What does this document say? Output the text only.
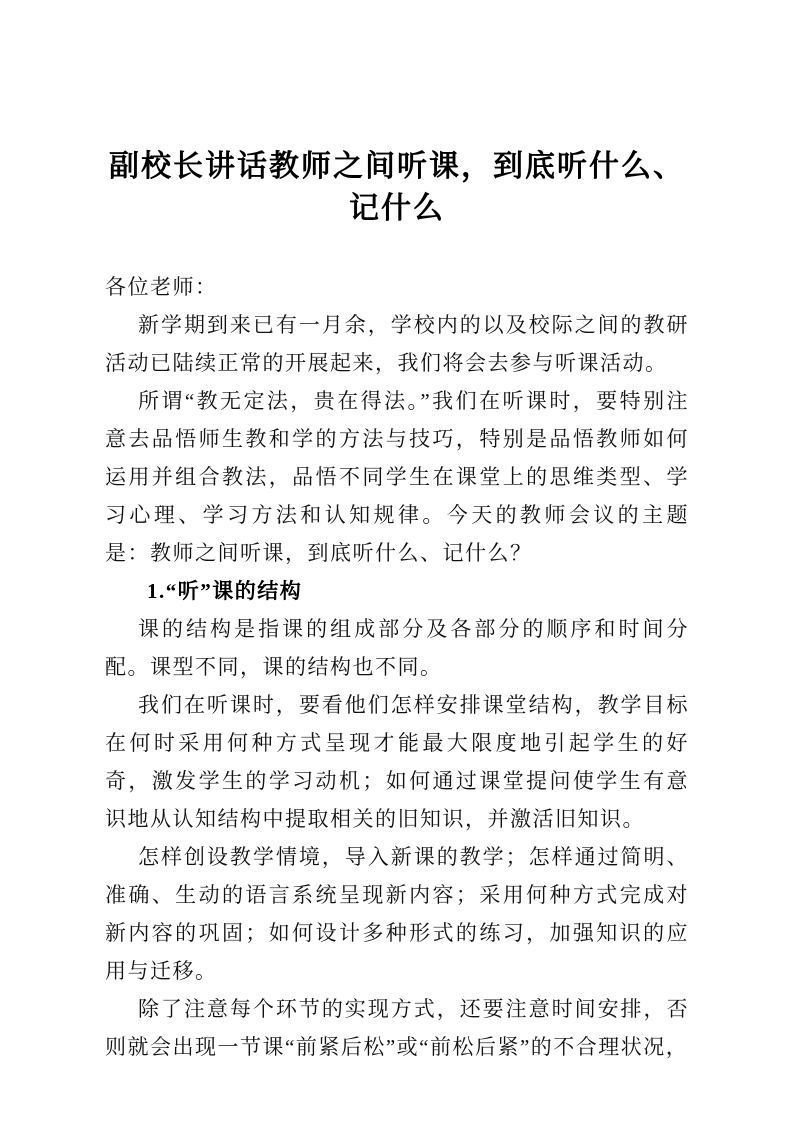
副校长讲话教师之间听课，到底听什么、记什么
各位老师：

新学期到来已有一月余，学校内的以及校际之间的教研活动已陆续正常的开展起来，我们将会去参与听课活动。

所谓“教无定法，贵在得法。”我们在听课时，要特别注意去品悟师生教和学的方法与技巧，特别是品悟教师如何运用并组合教法，品悟不同学生在课堂上的思维类型、学习心理、学习方法和认知规律。今天的教师会议的主题是：教师之间听课，到底听什么、记什么？

1.“听”课的结构

课的结构是指课的组成部分及各部分的顺序和时间分配。课型不同，课的结构也不同。

我们在听课时，要看他们怎样安排课堂结构，教学目标在何时采用何种方式呈现才能最大限度地引起学生的好奇，激发学生的学习动机；如何通过课堂提问使学生有意识地从认知结构中提取相关的旧知识，并激活旧知识。

怎样创设教学情境，导入新课的教学；怎样通过简明、准确、生动的语言系统呈现新内容；采用何种方式完成对新内容的巩固；如何设计多种形式的练习，加强知识的应用与迁移。

除了注意每个环节的实现方式，还要注意时间安排，否则就会出现一节课“前紧后松”或“前松后紧”的不合理状况，
